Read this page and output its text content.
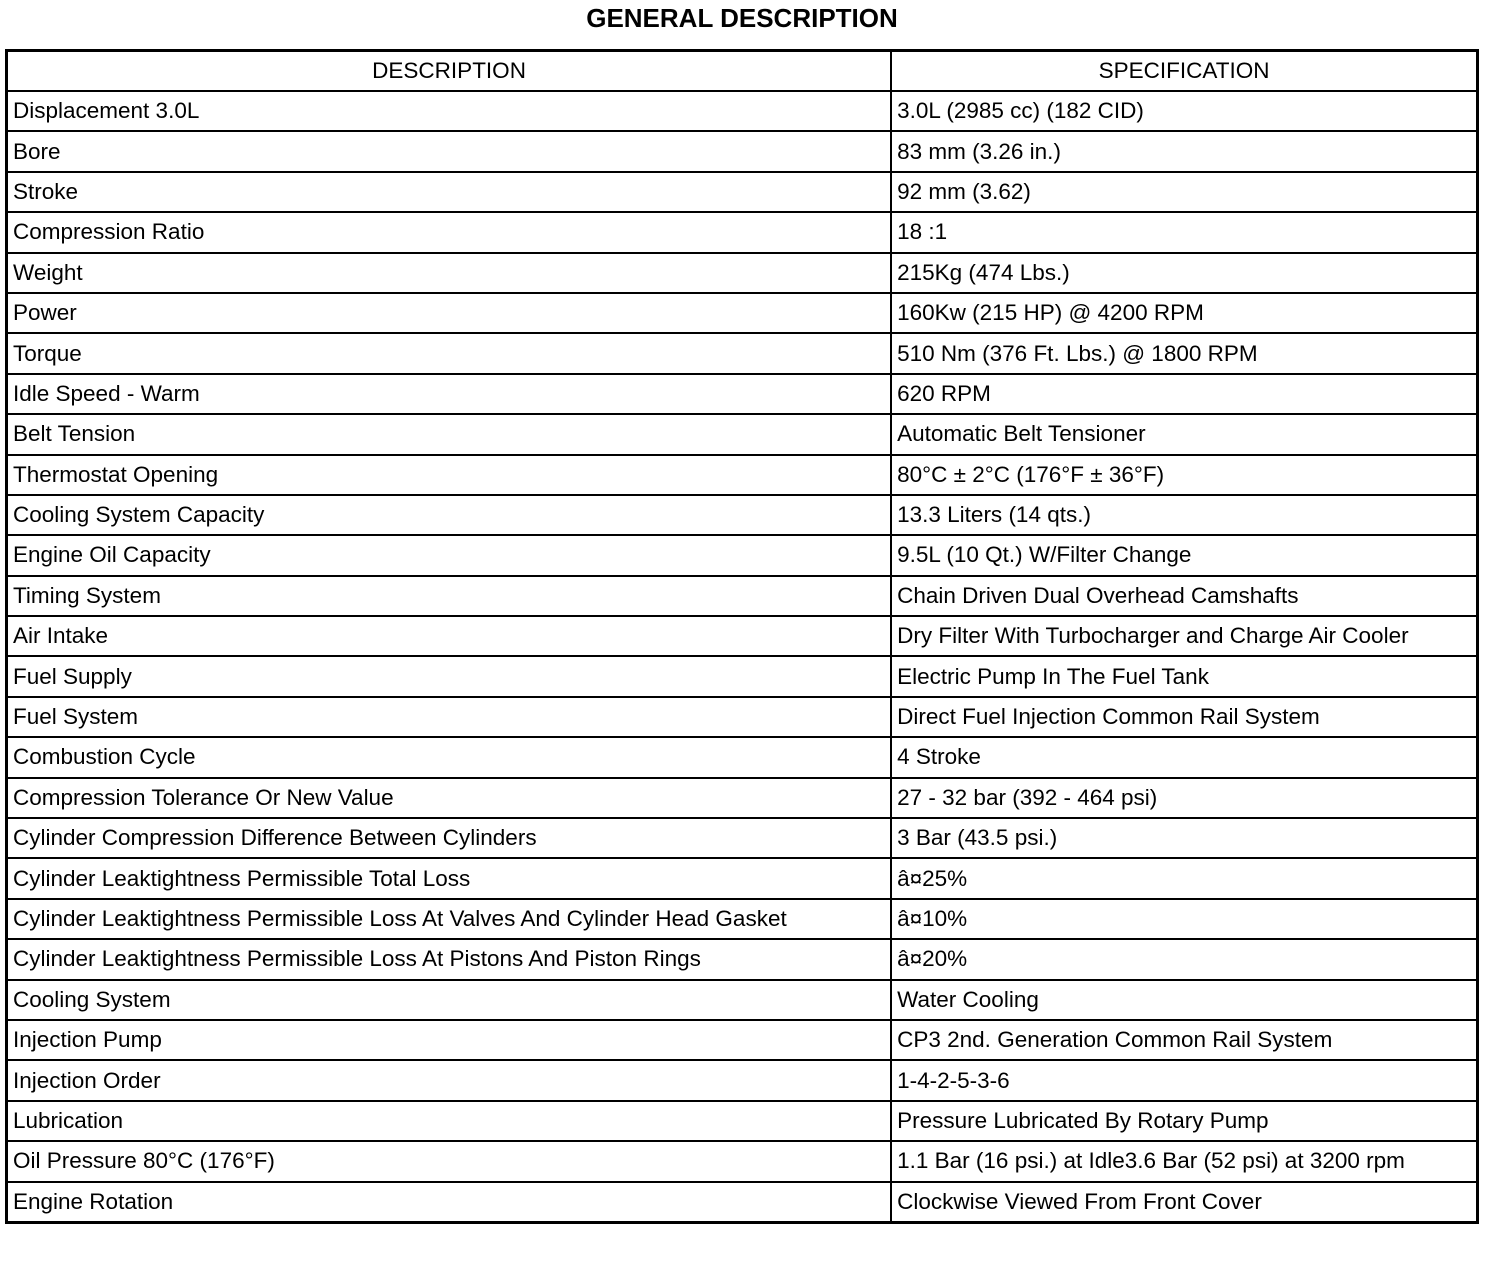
GENERAL DESCRIPTION
DESCRIPTION	SPECIFICATION
Displacement 3.0L	3.0L (2985 cc) (182 CID)
Bore	83 mm (3.26 in.)
Stroke	92 mm (3.62)
Compression Ratio	18 :1
Weight	215Kg (474 Lbs.)
Power	160Kw (215 HP) @ 4200 RPM
Torque	510 Nm (376 Ft. Lbs.) @ 1800 RPM
Idle Speed - Warm	620 RPM
Belt Tension	Automatic Belt Tensioner
Thermostat Opening	80°C ± 2°C (176°F ± 36°F)
Cooling System Capacity	13.3 Liters (14 qts.)
Engine Oil Capacity	9.5L (10 Qt.) W/Filter Change
Timing System	Chain Driven Dual Overhead Camshafts
Air Intake	Dry Filter With Turbocharger and Charge Air Cooler
Fuel Supply	Electric Pump In The Fuel Tank
Fuel System	Direct Fuel Injection Common Rail System
Combustion Cycle	4 Stroke
Compression Tolerance Or New Value	27 - 32 bar (392 - 464 psi)
Cylinder Compression Difference Between Cylinders	3 Bar (43.5 psi.)
Cylinder Leaktightness Permissible Total Loss	â¤25%
Cylinder Leaktightness Permissible Loss At Valves And Cylinder Head Gasket	â¤10%
Cylinder Leaktightness Permissible Loss At Pistons And Piston Rings	â¤20%
Cooling System	Water Cooling
Injection Pump	CP3 2nd. Generation Common Rail System
Injection Order	1-4-2-5-3-6
Lubrication	Pressure Lubricated By Rotary Pump
Oil Pressure 80°C (176°F)	1.1 Bar (16 psi.) at Idle3.6 Bar (52 psi) at 3200 rpm
Engine Rotation	Clockwise Viewed From Front Cover
